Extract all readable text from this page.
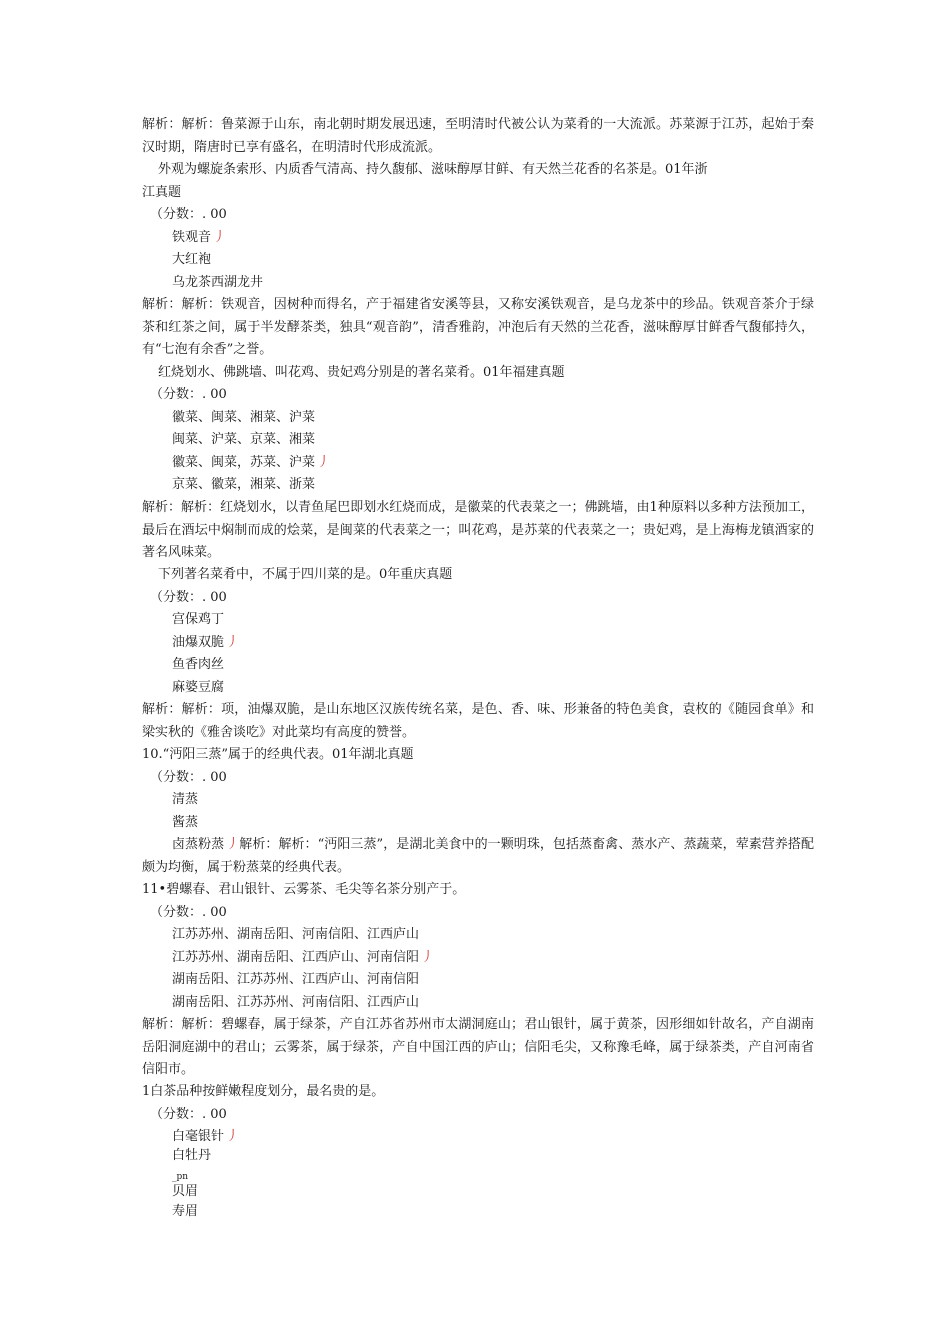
解析：解析：鲁菜源于山东，南北朝时期发展迅速，至明清时代被公认为菜肴的一大流派。苏菜源于江苏，起始于秦汉时期，隋唐时已享有盛名，在明清时代形成流派。
外观为螺旋条索形、内质香气清高、持久馥郁、滋味醇厚甘鲜、有天然兰花香的名茶是。01年浙
江真题
（分数：. 00
铁观音 丿
大红袍
乌龙茶西湖龙井
解析：解析：铁观音，因树种而得名，产于福建省安溪等县，又称安溪铁观音，是乌龙茶中的珍品。铁观音茶介于绿茶和红茶之间，属于半发酵茶类，独具“观音韵”，清香雅韵，冲泡后有天然的兰花香，滋味醇厚甘鲜香气馥郁持久，有“七泡有余香”之誉。
红烧划水、佛跳墙、叫花鸡、贵妃鸡分别是的著名菜肴。01年福建真题
（分数：. 00
徽菜、闽菜、湘菜、沪菜
闽菜、沪菜、京菜、湘菜
徽菜、闽菜，苏菜、沪菜 丿
京菜、徽菜，湘菜、浙菜
解析：解析：红烧划水，以青鱼尾巴即划水红烧而成，是徽菜的代表菜之一；佛跳墙，由1种原料以多种方法预加工，最后在酒坛中焖制而成的烩菜，是闽菜的代表菜之一；叫花鸡，是苏菜的代表菜之一；贵妃鸡，是上海梅龙镇酒家的著名风味菜。
下列著名菜肴中，不属于四川菜的是。0年重庆真题
（分数：. 00
宫保鸡丁
油爆双脆 丿
鱼香肉丝
麻婆豆腐
解析：解析：项，油爆双脆，是山东地区汉族传统名菜，是色、香、味、形兼备的特色美食，袁枚的《随园食单》和梁实秋的《雅舍谈吃》对此菜均有高度的赞誉。
10.“沔阳三蒸”属于的经典代表。01年湖北真题
（分数：. 00
清蒸
酱蒸
卤蒸粉蒸 丿解析：解析：“沔阳三蒸”，是湖北美食中的一颗明珠，包括蒸畜禽、蒸水产、蒸蔬菜，荤素营养搭配颇为均衡，属于粉蒸菜的经典代表。
11•碧螺春、君山银针、云雾茶、毛尖等名茶分别产于。
（分数：. 00
江苏苏州、湖南岳阳、河南信阳、江西庐山
江苏苏州、湖南岳阳、江西庐山、河南信阳 丿
湖南岳阳、江苏苏州、江西庐山、河南信阳
湖南岳阳、江苏苏州、河南信阳、江西庐山
解析：解析：碧螺春，属于绿茶，产自江苏省苏州市太湖洞庭山；君山银针，属于黄茶，因形细如针故名，产自湖南岳阳洞庭湖中的君山；云雾茶，属于绿茶，产自中国江西的庐山；信阳毛尖，又称豫毛峰，属于绿茶类，产自河南省信阳市。
1白茶品种按鲜嫩程度划分，最名贵的是。
（分数：. 00
白毫银针 丿
白牡丹
_pn
贝眉
寿眉
